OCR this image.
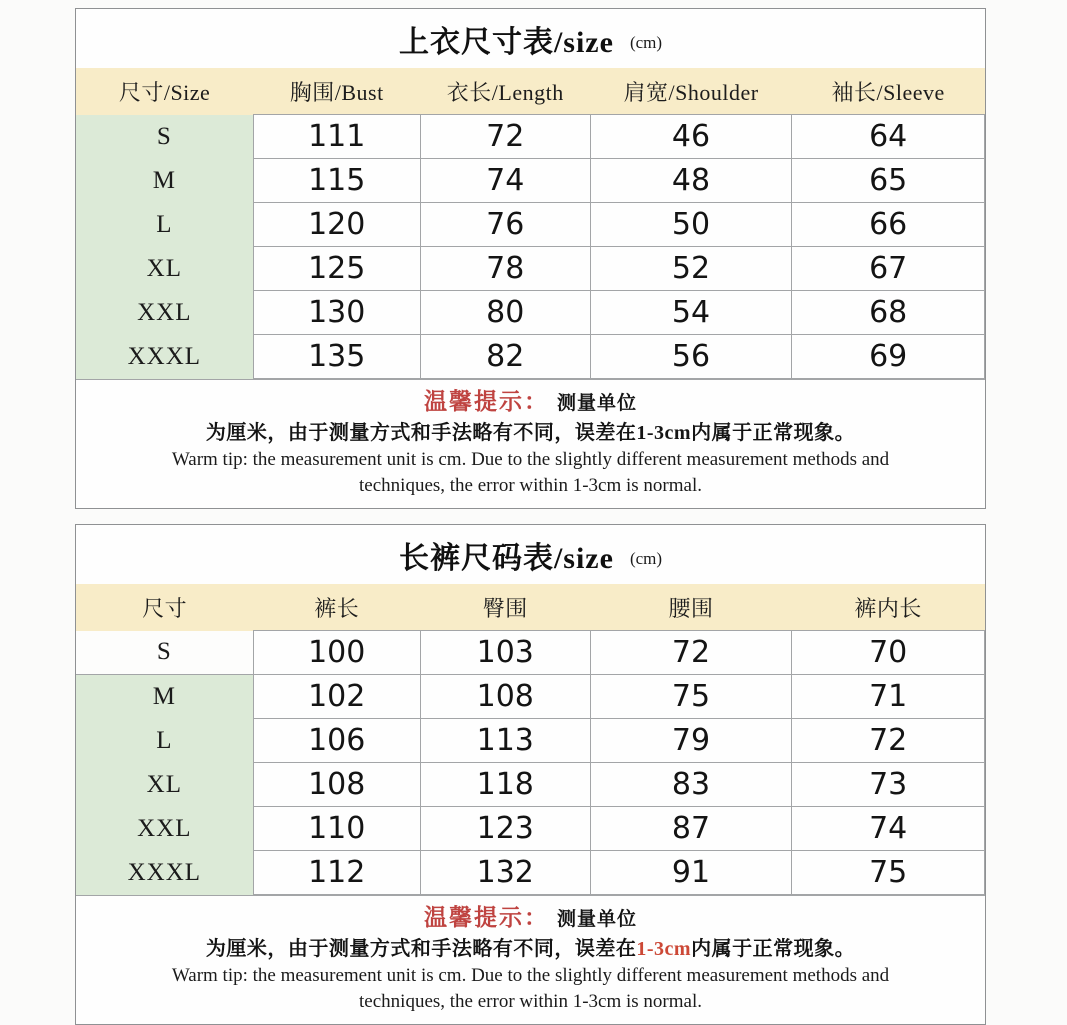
上衣尺寸表/size (cm)
尺寸/Size	胸围/Bust	衣长/Length	肩宽/Shoulder	袖长/Sleeve
S	111	72	46	64
M	115	74	48	65
L	120	76	50	66
XL	125	78	52	67
XXL	130	80	54	68
XXXL	135	82	56	69
温馨提示： 测量单位
为厘米，由于测量方式和手法略有不同，误差在1-3cm内属于正常现象。
Warm tip: the measurement unit is cm. Due to the slightly different measurement methods and
techniques, the error within 1-3cm is normal.
长裤尺码表/size (cm)
尺寸	裤长	臀围	腰围	裤内长
S	100	103	72	70
M	102	108	75	71
L	106	113	79	72
XL	108	118	83	73
XXL	110	123	87	74
XXXL	112	132	91	75
温馨提示： 测量单位
为厘米，由于测量方式和手法略有不同，误差在1-3cm内属于正常现象。
Warm tip: the measurement unit is cm. Due to the slightly different measurement methods and
techniques, the error within 1-3cm is normal.
